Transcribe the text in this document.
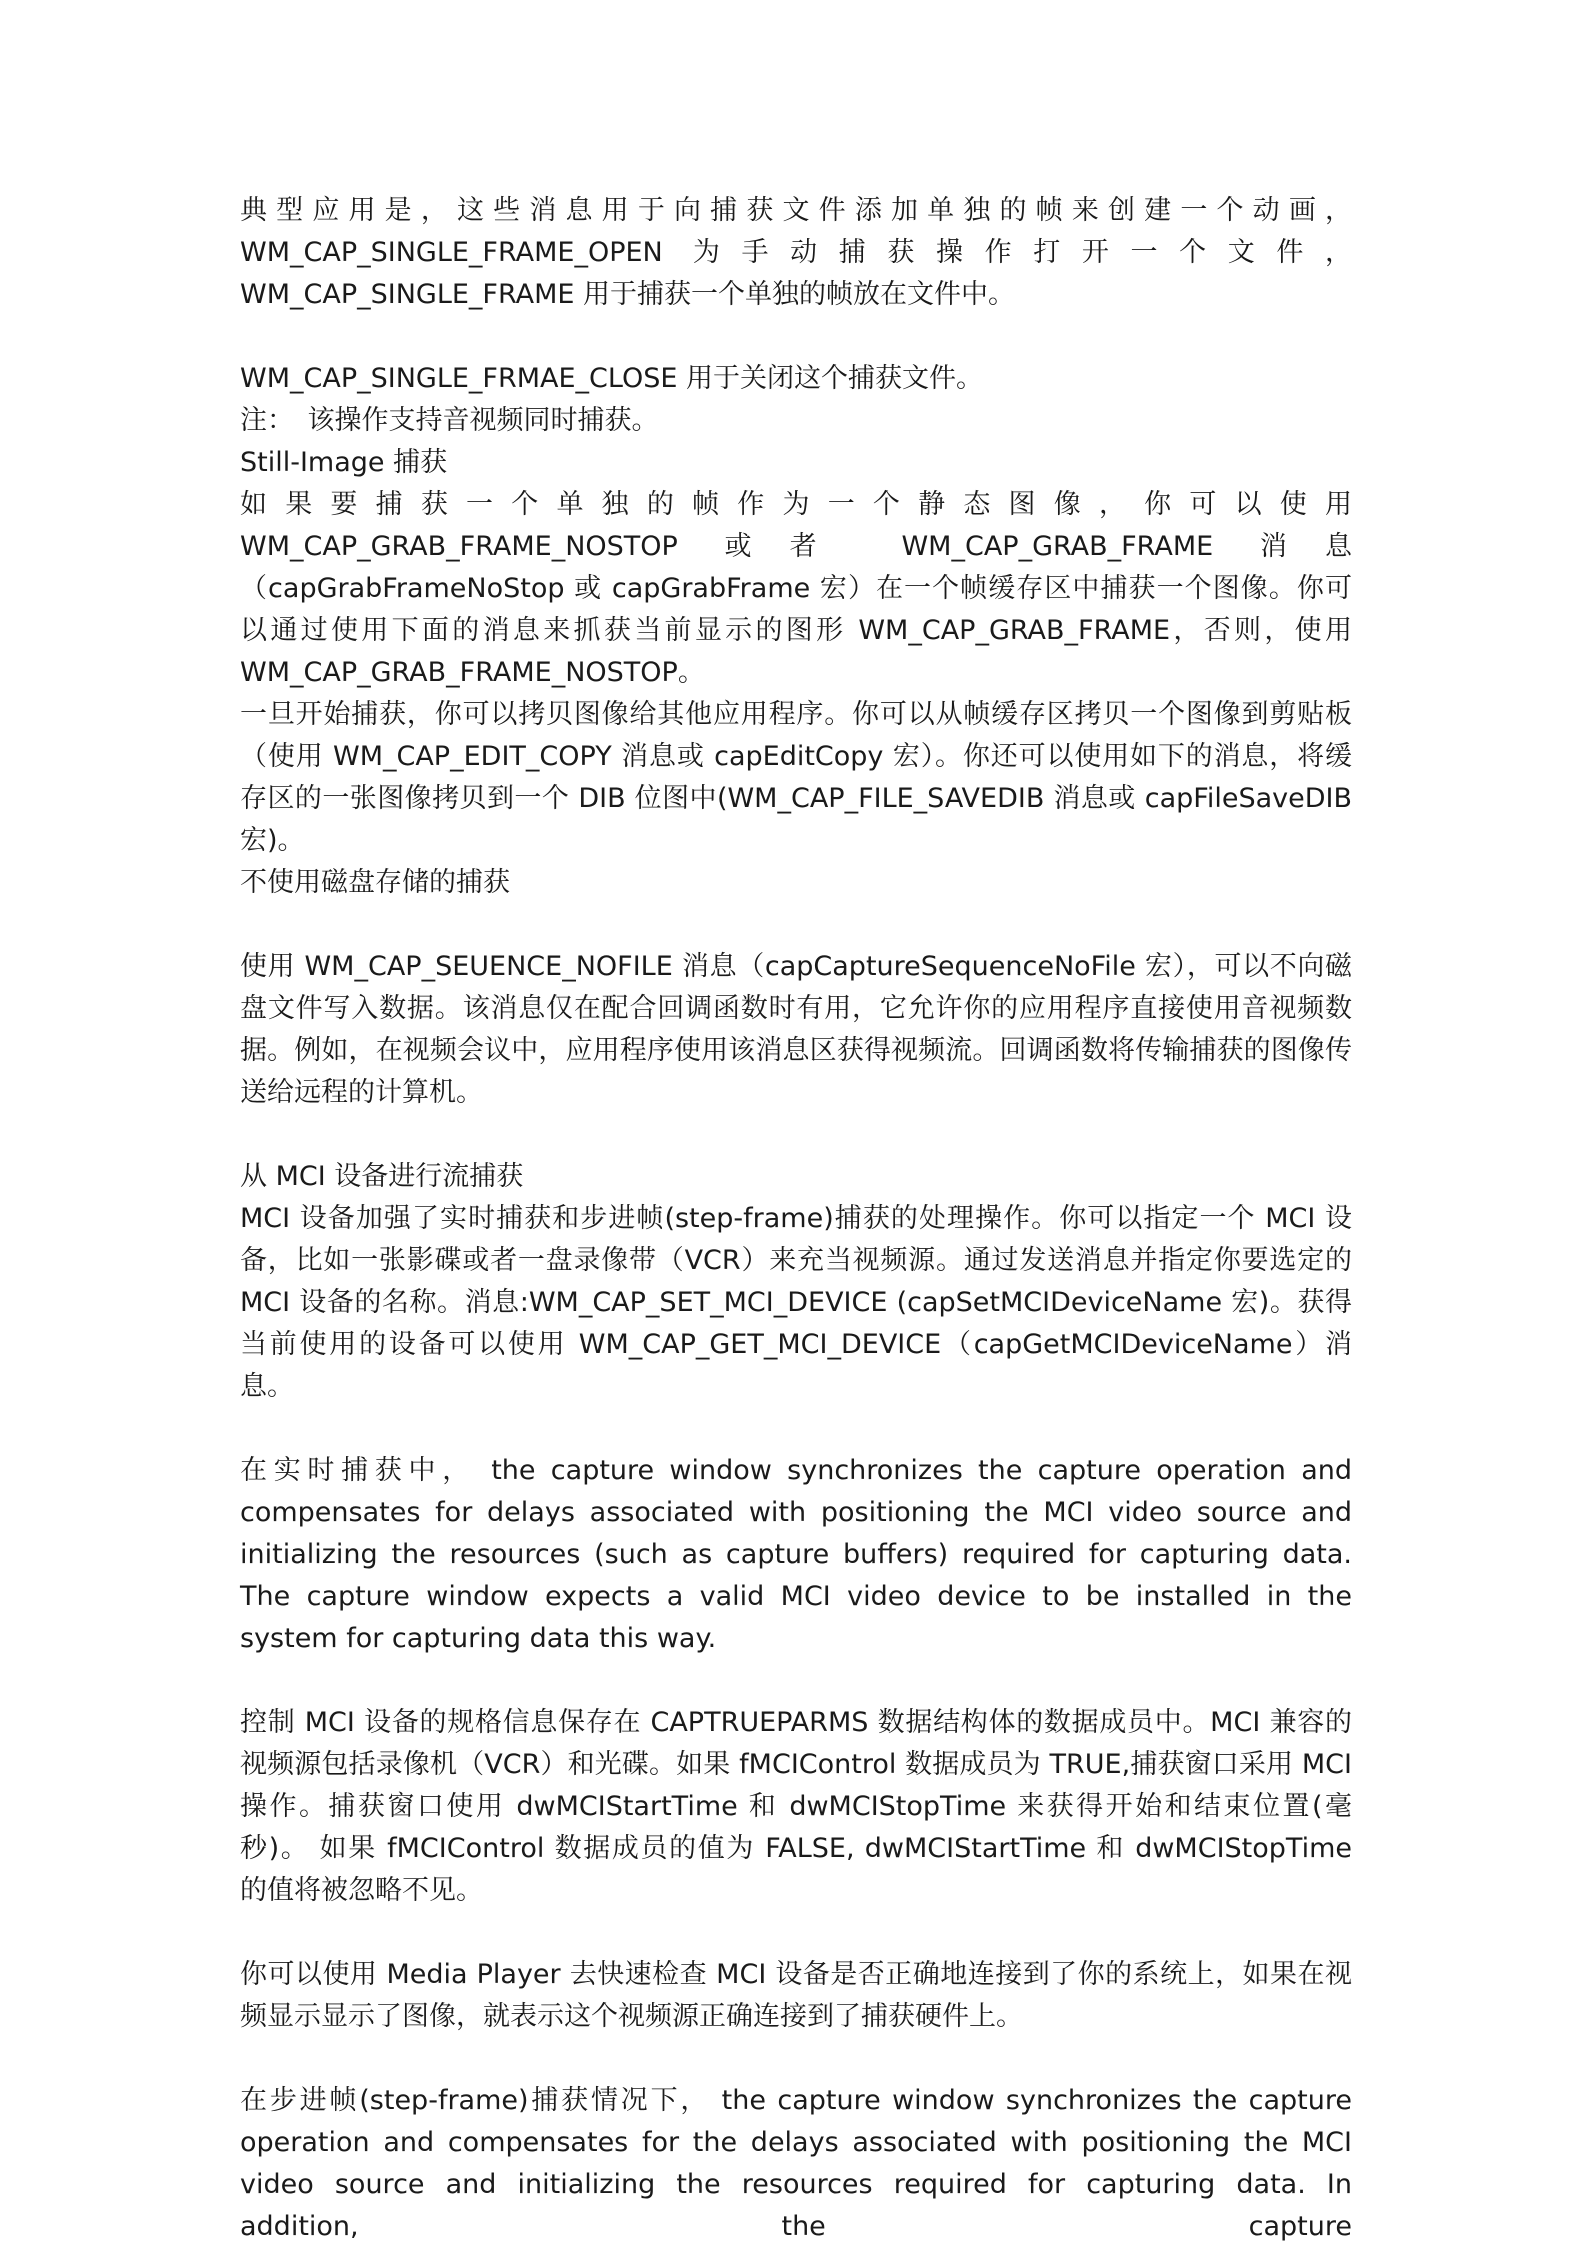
典型应用是，这些消息用于向捕获文件添加单独的帧来创建一个动画，WM_CAP_SINGLE_FRAME_OPEN 为手动捕获操作打开一个文件，WM_CAP_SINGLE_FRAME 用于捕获一个单独的帧放在文件中。

WM_CAP_SINGLE_FRMAE_CLOSE 用于关闭这个捕获文件。

注：　该操作支持音视频同时捕获。

Still-Image 捕获

如果要捕获一个单独的帧作为一个静态图像，你可以使用 WM_CAP_GRAB_FRAME_NOSTOP 或者 WM_CAP_GRAB_FRAME 消息（capGrabFrameNoStop 或 capGrabFrame 宏）在一个帧缓存区中捕获一个图像。你可以通过使用下面的消息来抓获当前显示的图形 WM_CAP_GRAB_FRAME，否则，使用 WM_CAP_GRAB_FRAME_NOSTOP。

一旦开始捕获，你可以拷贝图像给其他应用程序。你可以从帧缓存区拷贝一个图像到剪贴板（使用 WM_CAP_EDIT_COPY 消息或 capEditCopy 宏）。你还可以使用如下的消息，将缓存区的一张图像拷贝到一个 DIB 位图中(WM_CAP_FILE_SAVEDIB 消息或 capFileSaveDIB 宏)。

不使用磁盘存储的捕获

使用 WM_CAP_SEUENCE_NOFILE 消息（capCaptureSequenceNoFile 宏），可以不向磁盘文件写入数据。该消息仅在配合回调函数时有用，它允许你的应用程序直接使用音视频数据。例如，在视频会议中，应用程序使用该消息区获得视频流。回调函数将传输捕获的图像传送给远程的计算机。

从 MCI 设备进行流捕获

MCI 设备加强了实时捕获和步进帧(step-frame)捕获的处理操作。你可以指定一个 MCI 设备，比如一张影碟或者一盘录像带（VCR）来充当视频源。通过发送消息并指定你要选定的 MCI 设备的名称。消息:WM_CAP_SET_MCI_DEVICE (capSetMCIDeviceName 宏)。获得当前使用的设备可以使用 WM_CAP_GET_MCI_DEVICE（capGetMCIDeviceName）消息。

在实时捕获中， the capture window synchronizes the capture operation and compensates for delays associated with positioning the MCI video source and initializing the resources (such as capture buffers) required for capturing data. The capture window expects a valid MCI video device to be installed in the system for capturing data this way.

控制 MCI 设备的规格信息保存在 CAPTRUEPARMS 数据结构体的数据成员中。MCI 兼容的视频源包括录像机（VCR）和光碟。如果 fMCIControl 数据成员为 TRUE,捕获窗口采用 MCI 操作。捕获窗口使用 dwMCIStartTime 和 dwMCIStopTime 来获得开始和结束位置(毫秒)。 如果 fMCIControl 数据成员的值为 FALSE, dwMCIStartTime 和 dwMCIStopTime 的值将被忽略不见。

你可以使用 Media Player 去快速检查 MCI 设备是否正确地连接到了你的系统上，如果在视频显示显示了图像，就表示这个视频源正确连接到了捕获硬件上。

在步进帧(step-frame)捕获情况下， the capture window synchronizes the capture operation and compensates for the delays associated with positioning the MCI video source and initializing the resources required for capturing data. In addition, the capture
